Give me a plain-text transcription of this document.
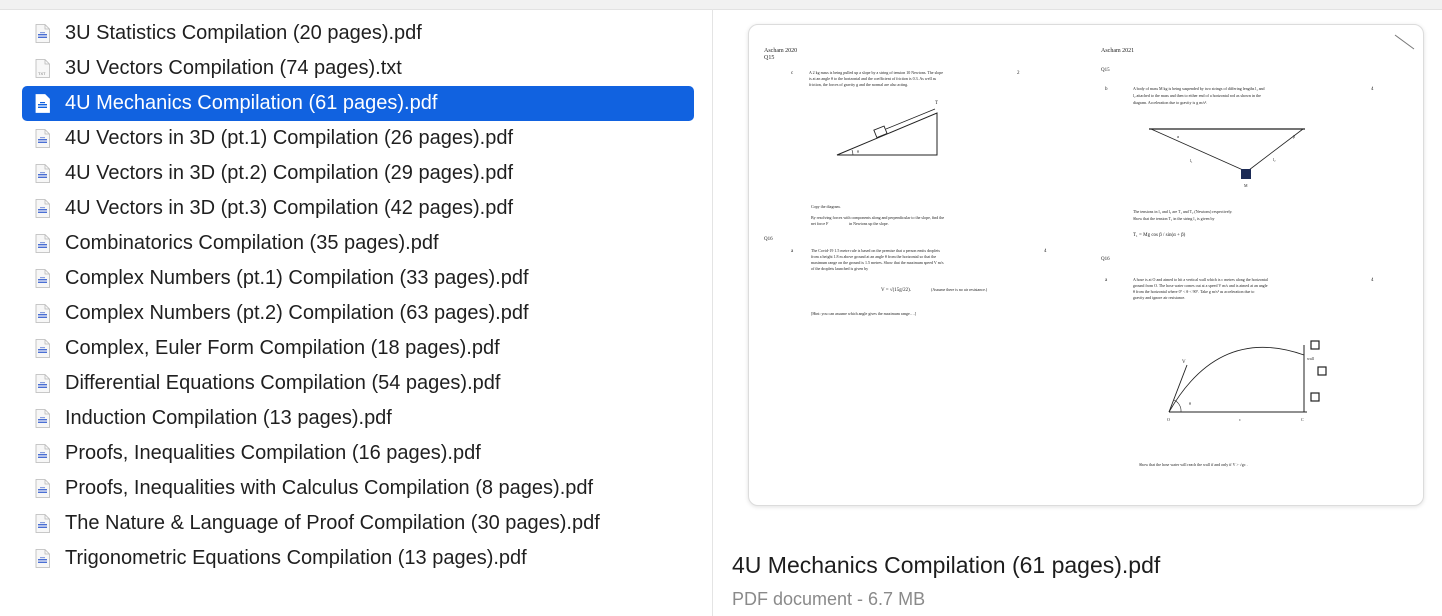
3U Statistics Compilation (20 pages).pdf
TXT 3U Vectors Compilation (74 pages).txt
4U Mechanics Compilation (61 pages).pdf
4U Vectors in 3D (pt.1) Compilation (26 pages).pdf
4U Vectors in 3D (pt.2) Compilation (29 pages).pdf
4U Vectors in 3D (pt.3) Compilation (42 pages).pdf
Combinatorics Compilation (35 pages).pdf
Complex Numbers (pt.1) Compilation (33 pages).pdf
Complex Numbers (pt.2) Compilation (63 pages).pdf
Complex, Euler Form Compilation (18 pages).pdf
Differential Equations Compilation (54 pages).pdf
Induction Compilation (13 pages).pdf
Proofs, Inequalities Compilation (16 pages).pdf
Proofs, Inequalities with Calculus Compilation (8 pages).pdf
The Nature & Language of Proof Compilation (30 pages).pdf
Trigonometric Equations Compilation (13 pages).pdf
Ascham 2020
Q15
c	A 2 kg mass is being pulled up a slope by a string of tension 10 Newtons. The slope
is at an angle θ to the horizontal and the coefficient of friction is 0.3. As well as
friction, the forces of gravity g and the normal are also acting.
2
T
θ
Copy the diagram.
By resolving forces with components along and perpendicular to the slope, find the
net force F	in Newtons up the slope.
Q16
a	The Covid-19 1.5 metre rule is based on the premise that a person emits droplets
from a height 1.8 m above ground at an angle θ from the horizontal so that the
maximum range on the ground is 1.5 metres. Show that the maximum speed V m/s
of the droplets launched is given by
4
V = √(15g/22).	(Assume there is no air resistance.)
[Hint: you can assume which angle gives the maximum range….]
Ascham 2021
Q15
b	A body of mass M kg is being suspended by two strings of differing lengths l₁ and
l₂ attached to the mass and then to either end of a horizontal rod as shown in the
diagram. Acceleration due to gravity is g m/s².
4
α	β
l₁	l₂
M
The tensions in l₁ and l₂ are T₁ and T₂ (Newtons) respectively.
Show that the tension T₁ in the string l₁ is given by
T₁ = Mg cos β / sin(α + β)
Q16
a	A hose is at O and aimed to hit a vertical wall which is c metres along the horizontal
ground from O. The hose water comes out at a speed V m/s and is aimed at an angle
θ from the horizontal where 0° < θ < 90°. Take g m/s² as acceleration due to
gravity and ignore air resistance.
4
V
wall
θ
O	c	C
Show that the hose water will reach the wall if and only if V > √gc .
4U Mechanics Compilation (61 pages).pdf
PDF document - 6.7 MB
